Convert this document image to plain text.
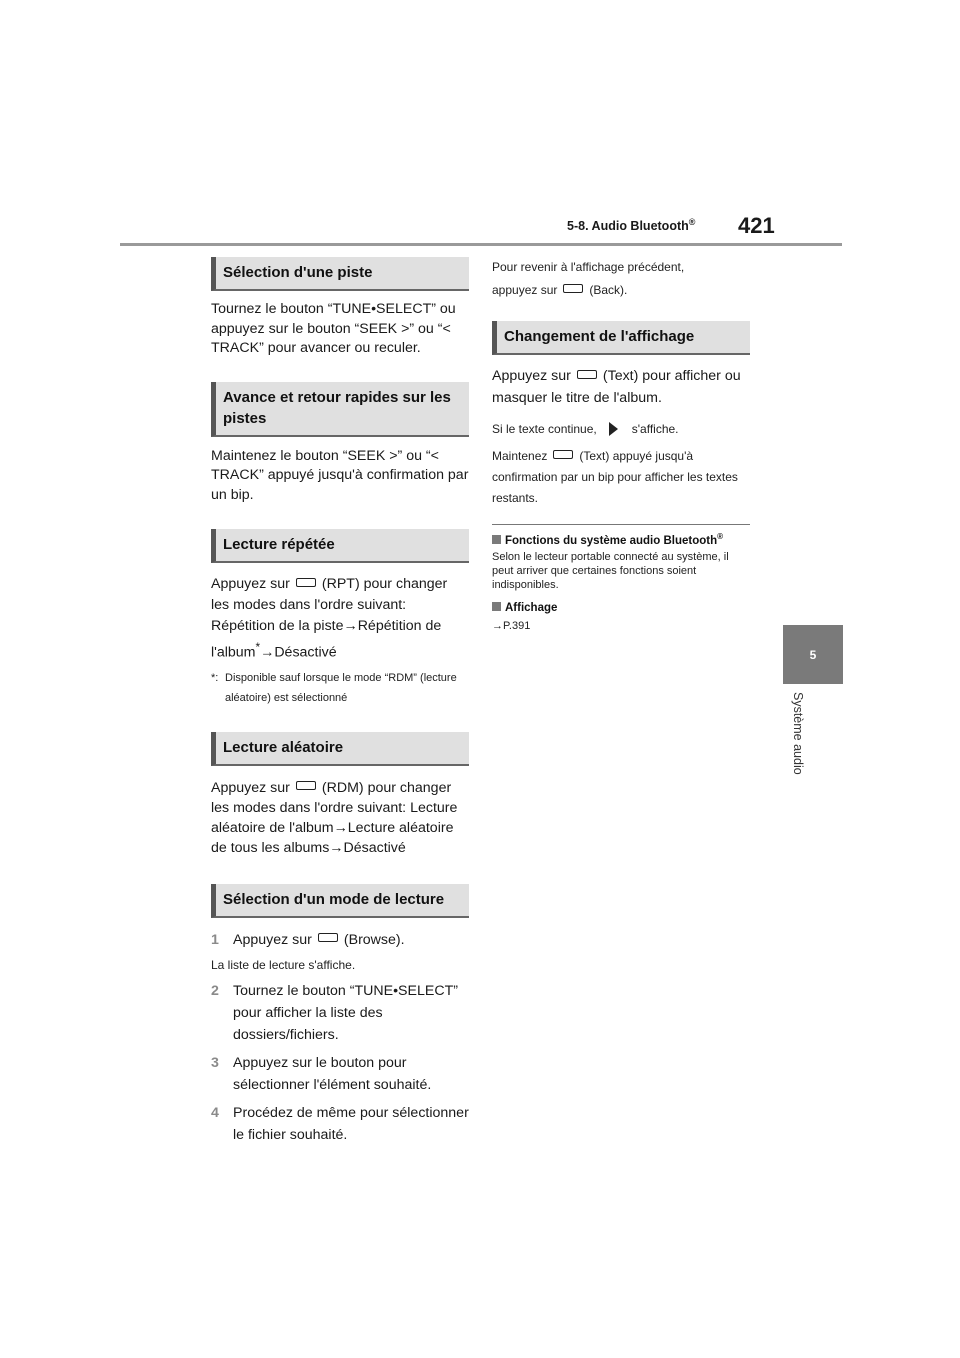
5-8. Audio Bluetooth® 421
5
Système audio
Sélection d'une piste
Tournez le bouton “TUNE•SELECT” ou appuyez sur le bouton “SEEK >” ou “< TRACK” pour avancer ou reculer.
Avance et retour rapides sur les pistes
Maintenez le bouton “SEEK >” ou “< TRACK” appuyé jusqu'à confirmation par un bip.
Lecture répétée
Appuyez sur (RPT) pour changer les modes dans l'ordre suivant: Répétition de la piste→Répétition de l'album*→Désactivé
*: Disponible sauf lorsque le mode “RDM” (lecture aléatoire) est sélectionné
Lecture aléatoire
Appuyez sur (RDM) pour changer les modes dans l'ordre suivant: Lecture aléatoire de l'album→Lecture aléatoire de tous les albums→Désactivé
Sélection d'un mode de lecture
1 Appuyez sur (Browse).
La liste de lecture s'affiche.
2 Tournez le bouton “TUNE•SELECT” pour afficher la liste des dossiers/fichiers.
3 Appuyez sur le bouton pour sélectionner l'élément souhaité.
4 Procédez de même pour sélectionner le fichier souhaité.
Pour revenir à l'affichage précédent,
appuyez sur	(Back).
Changement de l'affichage
Appuyez sur (Text) pour afficher ou masquer le titre de l'album.
Si le texte continue,	s'affiche.
Maintenez	(Text) appuyé jusqu'à confirmation par un bip pour afficher les textes restants.
Fonctions du système audio Bluetooth®
Selon le lecteur portable connecté au système, il peut arriver que certaines fonctions soient indisponibles.
Affichage
→P.391
